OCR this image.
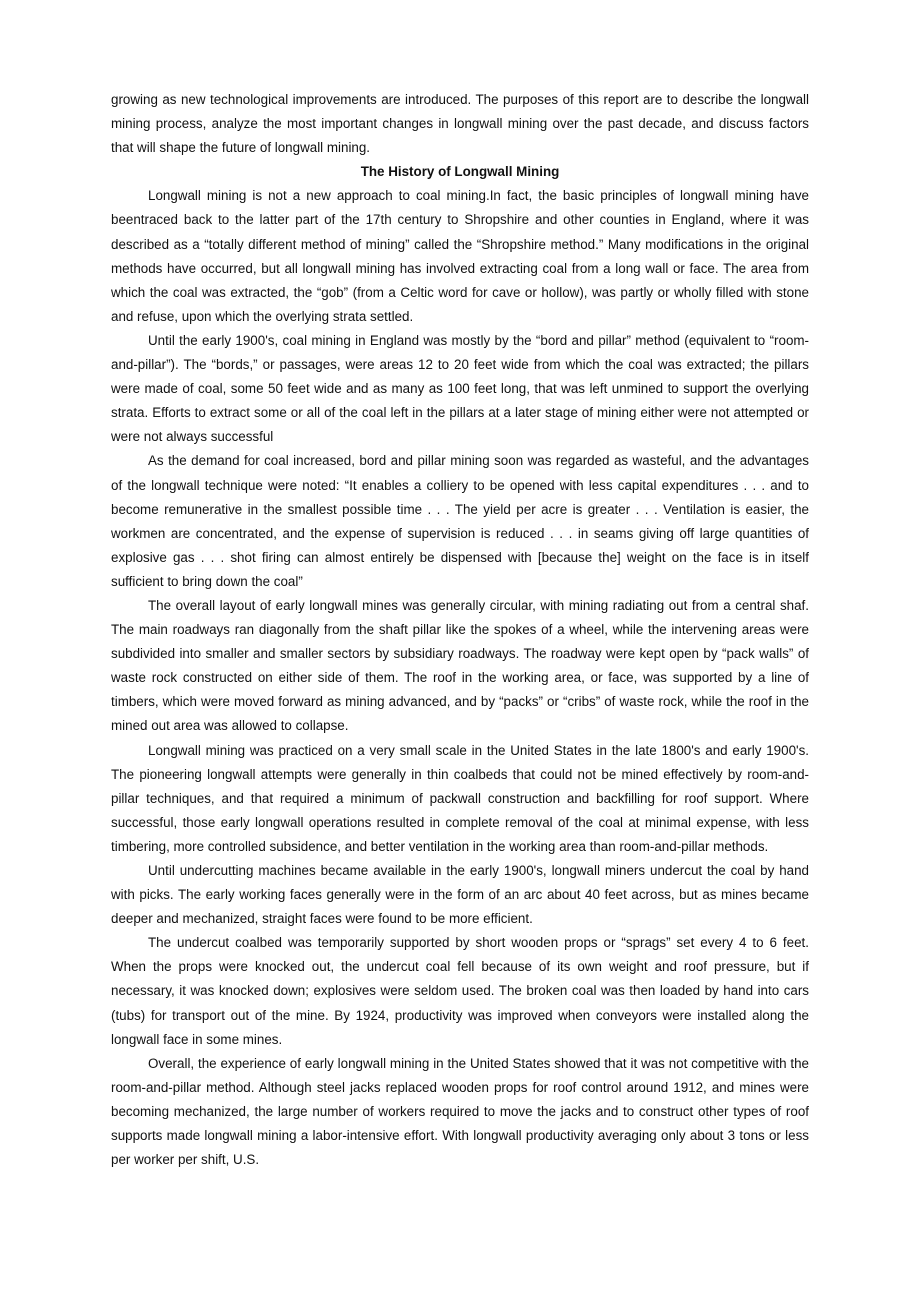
growing as new technological improvements are introduced. The purposes of this report are to describe the longwall mining process, analyze the most important changes in longwall mining over the past decade, and discuss factors that will shape the future of longwall mining.

The History of Longwall Mining

Longwall mining is not a new approach to coal mining.In fact, the basic principles of longwall mining have beentraced back to the latter part of the 17th century to Shropshire and other counties in England, where it was described as a “totally different method of mining” called the “Shropshire method.” Many modifications in the original methods have occurred, but all longwall mining has involved extracting coal from a long wall or face. The area from which the coal was extracted, the “gob” (from a Celtic word for cave or hollow), was partly or wholly filled with stone and refuse, upon which the overlying strata settled.

Until the early 1900's, coal mining in England was mostly by the “bord and pillar” method (equivalent to “room-and-pillar”). The “bords,” or passages, were areas 12 to 20 feet wide from which the coal was extracted; the pillars were made of coal, some 50 feet wide and as many as 100 feet long, that was left unmined to support the overlying strata. Efforts to extract some or all of the coal left in the pillars at a later stage of mining either were not attempted or were not always successful

As the demand for coal increased, bord and pillar mining soon was regarded as wasteful, and the advantages of the longwall technique were noted: “It enables a colliery to be opened with less capital expenditures . . . and to become remunerative in the smallest possible time . . . The yield per acre is greater . . . Ventilation is easier, the workmen are concentrated, and the expense of supervision is reduced . . . in seams giving off large quantities of explosive gas . . . shot firing can almost entirely be dispensed with [because the] weight on the face is in itself sufficient to bring down the coal”

The overall layout of early longwall mines was generally circular, with mining radiating out from a central shaf. The main roadways ran diagonally from the shaft pillar like the spokes of a wheel, while the intervening areas were subdivided into smaller and smaller sectors by subsidiary roadways. The roadway were kept open by “pack walls” of waste rock constructed on either side of them. The roof in the working area, or face, was supported by a line of timbers, which were moved forward as mining advanced, and by “packs” or “cribs” of waste rock, while the roof in the mined out area was allowed to collapse.

Longwall mining was practiced on a very small scale in the United States in the late 1800's and early 1900's. The pioneering longwall attempts were generally in thin coalbeds that could not be mined effectively by room-and-pillar techniques, and that required a minimum of packwall construction and backfilling for roof support. Where successful, those early longwall operations resulted in complete removal of the coal at minimal expense, with less timbering, more controlled subsidence, and better ventilation in the working area than room-and-pillar methods.

Until undercutting machines became available in the early 1900's, longwall miners undercut the coal by hand with picks. The early working faces generally were in the form of an arc about 40 feet across, but as mines became deeper and mechanized, straight faces were found to be more efficient.

The undercut coalbed was temporarily supported by short wooden props or “sprags” set every 4 to 6 feet. When the props were knocked out, the undercut coal fell because of its own weight and roof pressure, but if necessary, it was knocked down; explosives were seldom used. The broken coal was then loaded by hand into cars (tubs) for transport out of the mine. By 1924, productivity was improved when conveyors were installed along the longwall face in some mines.

Overall, the experience of early longwall mining in the United States showed that it was not competitive with the room-and-pillar method. Although steel jacks replaced wooden props for roof control around 1912, and mines were becoming mechanized, the large number of workers required to move the jacks and to construct other types of roof supports made longwall mining a labor-intensive effort. With longwall productivity averaging only about 3 tons or less per worker per shift, U.S.
